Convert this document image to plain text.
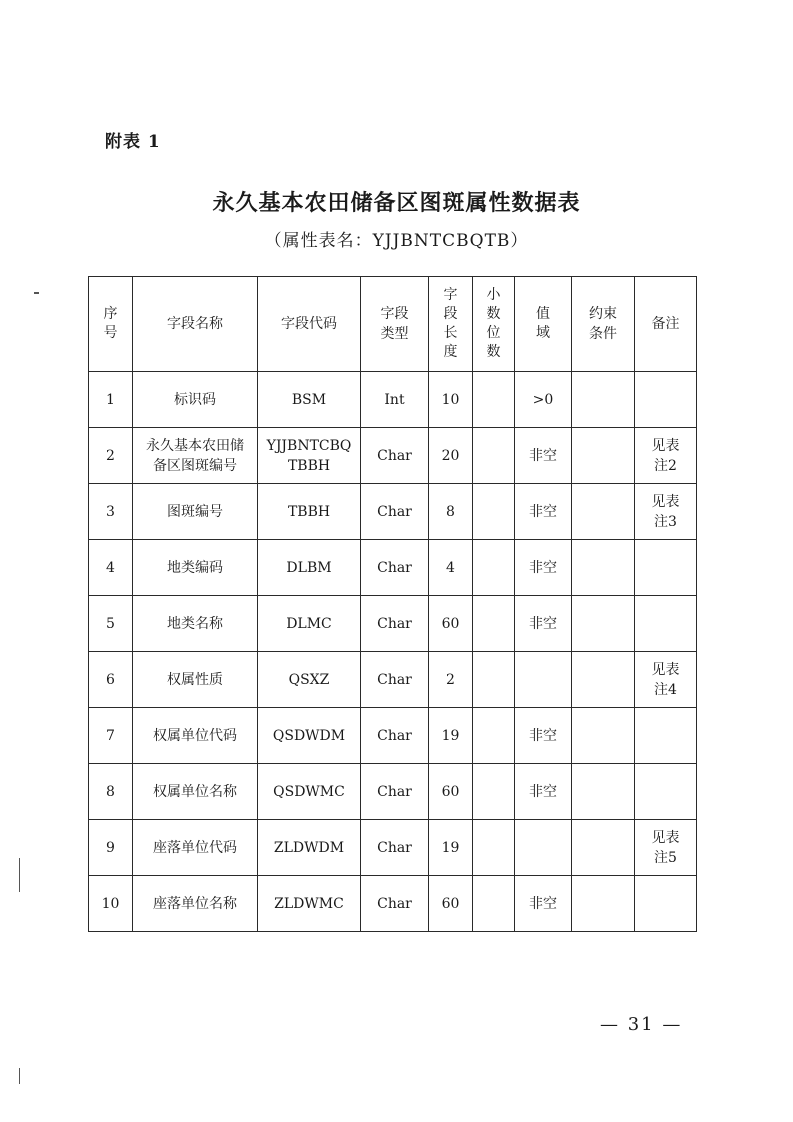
附表 1
永久基本农田储备区图斑属性数据表
（属性表名：YJJBNTCBQTB）
序号	字段名称	字段代码	字段类型	字段长度	小数位数	值域	约束条件	备注
1	标识码	BSM	Int	10		>0		
2	永久基本农田储备区图斑编号	YJJBNTCBQTBBH	Char	20		非空		见表注2
3	图斑编号	TBBH	Char	8		非空		见表注3
4	地类编码	DLBM	Char	4		非空		
5	地类名称	DLMC	Char	60		非空		
6	权属性质	QSXZ	Char	2				见表注4
7	权属单位代码	QSDWDM	Char	19		非空		
8	权属单位名称	QSDWMC	Char	60		非空		
9	座落单位代码	ZLDWDM	Char	19				见表注5
10	座落单位名称	ZLDWMC	Char	60		非空		
— 31 —
